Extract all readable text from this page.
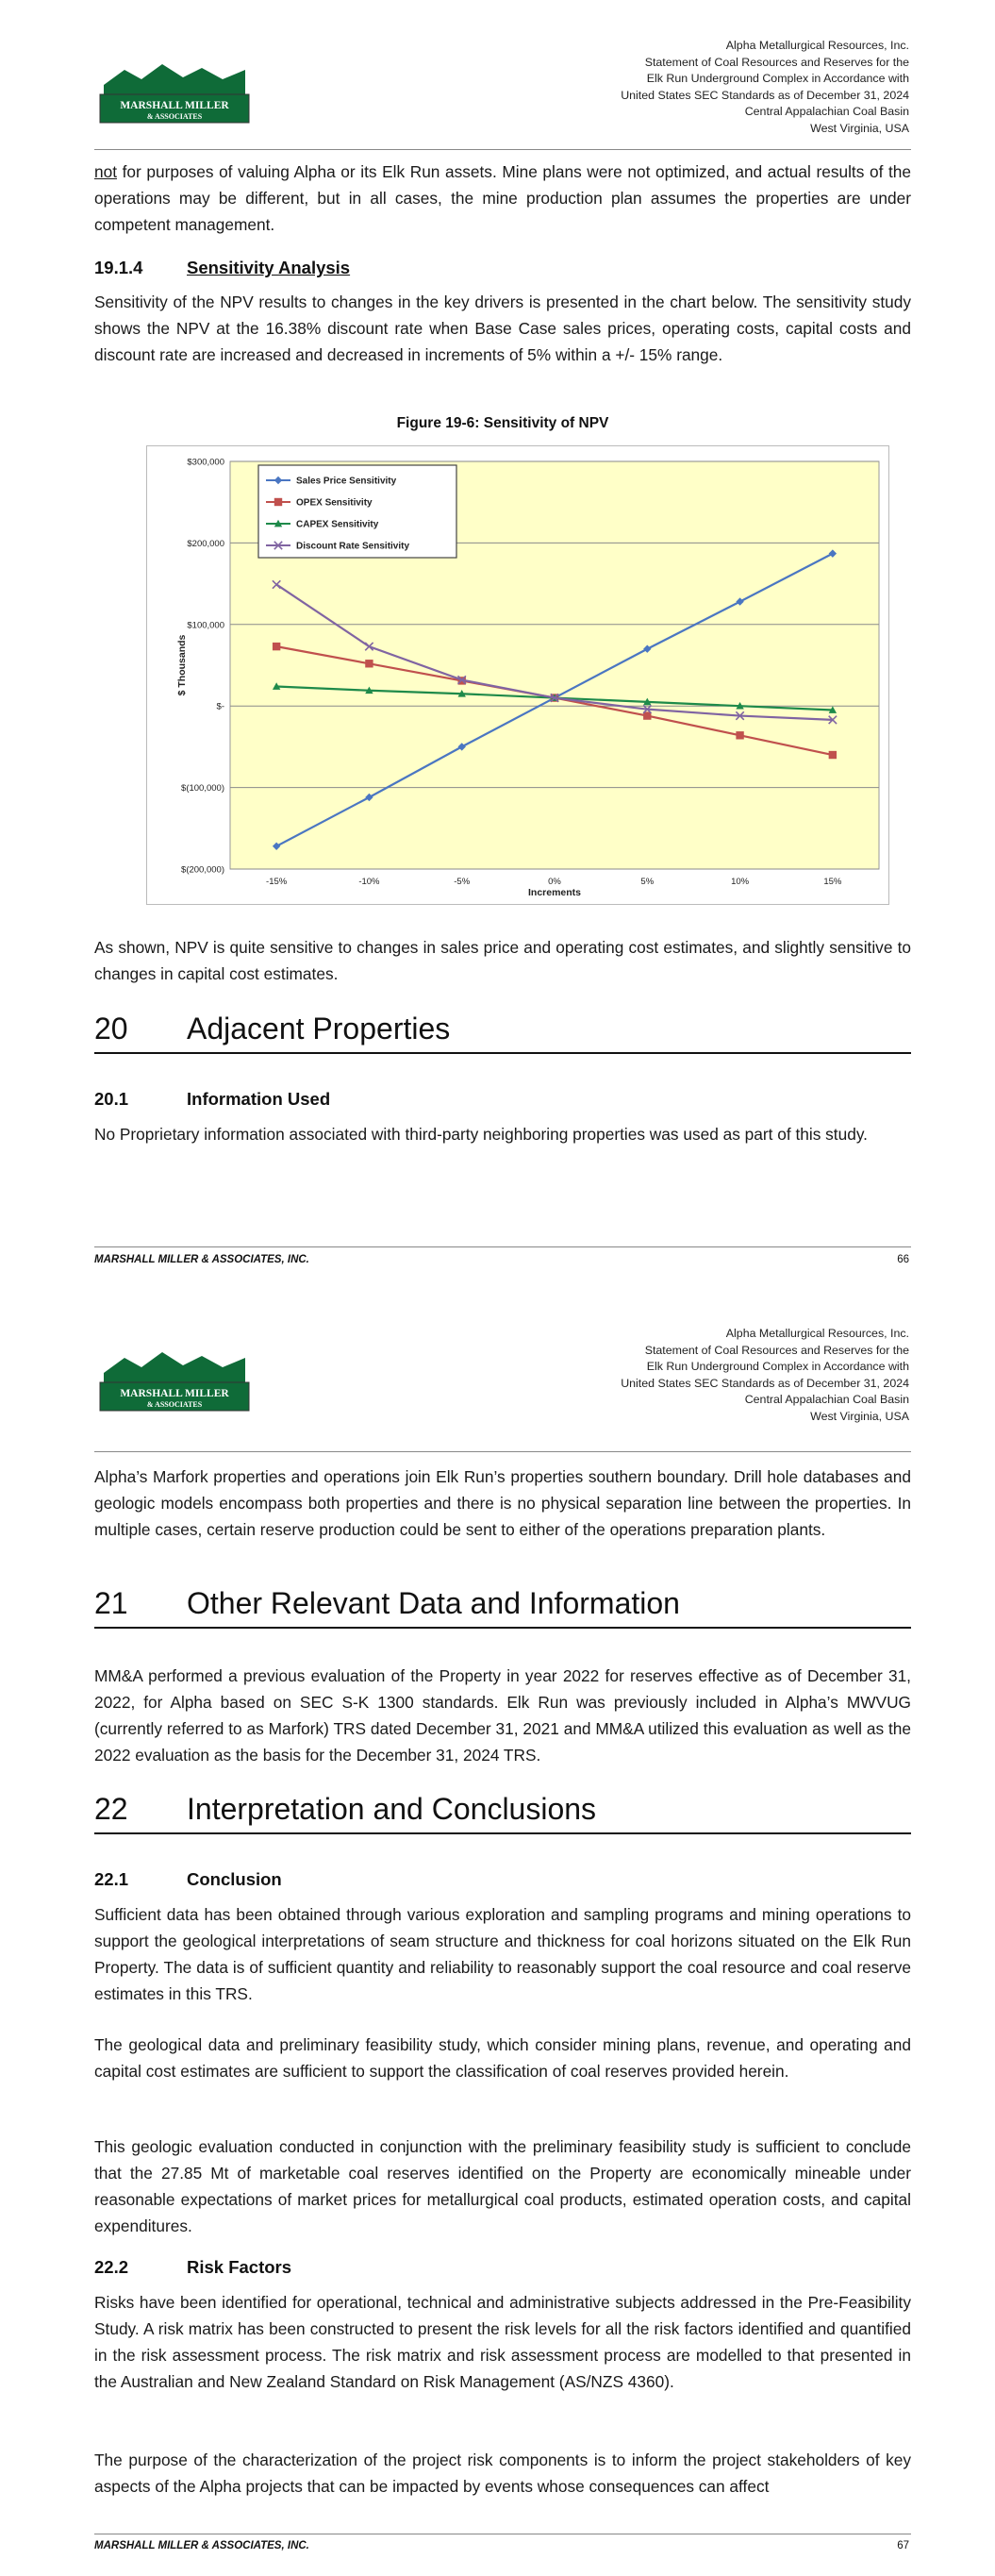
MARSHALL MILLER
& ASSOCIATES
Alpha Metallurgical Resources, Inc.
Statement of Coal Resources and Reserves for the
Elk Run Underground Complex in Accordance with
United States SEC Standards as of December 31, 2024
Central Appalachian Coal Basin
West Virginia, USA
not for purposes of valuing Alpha or its Elk Run assets. Mine plans were not optimized, and actual results of the operations may be different, but in all cases, the mine production plan assumes the properties are under competent management.
19.1.4	Sensitivity Analysis
Sensitivity of the NPV results to changes in the key drivers is presented in the chart below. The sensitivity study shows the NPV at the 16.38% discount rate when Base Case sales prices, operating costs, capital costs and discount rate are increased and decreased in increments of 5% within a +/- 15% range.
Figure 19-6: Sensitivity of NPV
$300,000
$200,000
$100,000
$-
$(100,000)
$(200,000)
-15%	-10%	-5%	0%	5%	10%	15%
$ Thousands
Increments
Sales Price Sensitivity
OPEX Sensitivity
CAPEX Sensitivity
Discount Rate Sensitivity
As shown, NPV is quite sensitive to changes in sales price and operating cost estimates, and slightly sensitive to changes in capital cost estimates.
20 Adjacent Properties
20.1	Information Used
No Proprietary information associated with third-party neighboring properties was used as part of this study.
MARSHALL MILLER & ASSOCIATES, INC.	66
MARSHALL MILLER
& ASSOCIATES
Alpha Metallurgical Resources, Inc.
Statement of Coal Resources and Reserves for the
Elk Run Underground Complex in Accordance with
United States SEC Standards as of December 31, 2024
Central Appalachian Coal Basin
West Virginia, USA
Alpha’s Marfork properties and operations join Elk Run’s properties southern boundary. Drill hole databases and geologic models encompass both properties and there is no physical separation line between the properties. In multiple cases, certain reserve production could be sent to either of the operations preparation plants.
21 Other Relevant Data and Information
MM&A performed a previous evaluation of the Property in year 2022 for reserves effective as of December 31, 2022, for Alpha based on SEC S-K 1300 standards. Elk Run was previously included in Alpha’s MWVUG (currently referred to as Marfork) TRS dated December 31, 2021 and MM&A utilized this evaluation as well as the 2022 evaluation as the basis for the December 31, 2024 TRS.
22 Interpretation and Conclusions
22.1	Conclusion
Sufficient data has been obtained through various exploration and sampling programs and mining operations to support the geological interpretations of seam structure and thickness for coal horizons situated on the Elk Run Property. The data is of sufficient quantity and reliability to reasonably support the coal resource and coal reserve estimates in this TRS.
The geological data and preliminary feasibility study, which consider mining plans, revenue, and operating and capital cost estimates are sufficient to support the classification of coal reserves provided herein.
This geologic evaluation conducted in conjunction with the preliminary feasibility study is sufficient to conclude that the 27.85 Mt of marketable coal reserves identified on the Property are economically mineable under reasonable expectations of market prices for metallurgical coal products, estimated operation costs, and capital expenditures.
22.2	Risk Factors
Risks have been identified for operational, technical and administrative subjects addressed in the Pre-Feasibility Study. A risk matrix has been constructed to present the risk levels for all the risk factors identified and quantified in the risk assessment process. The risk matrix and risk assessment process are modelled to that presented in the Australian and New Zealand Standard on Risk Management (AS/NZS 4360).
The purpose of the characterization of the project risk components is to inform the project stakeholders of key aspects of the Alpha projects that can be impacted by events whose consequences can affect
MARSHALL MILLER & ASSOCIATES, INC.	67
